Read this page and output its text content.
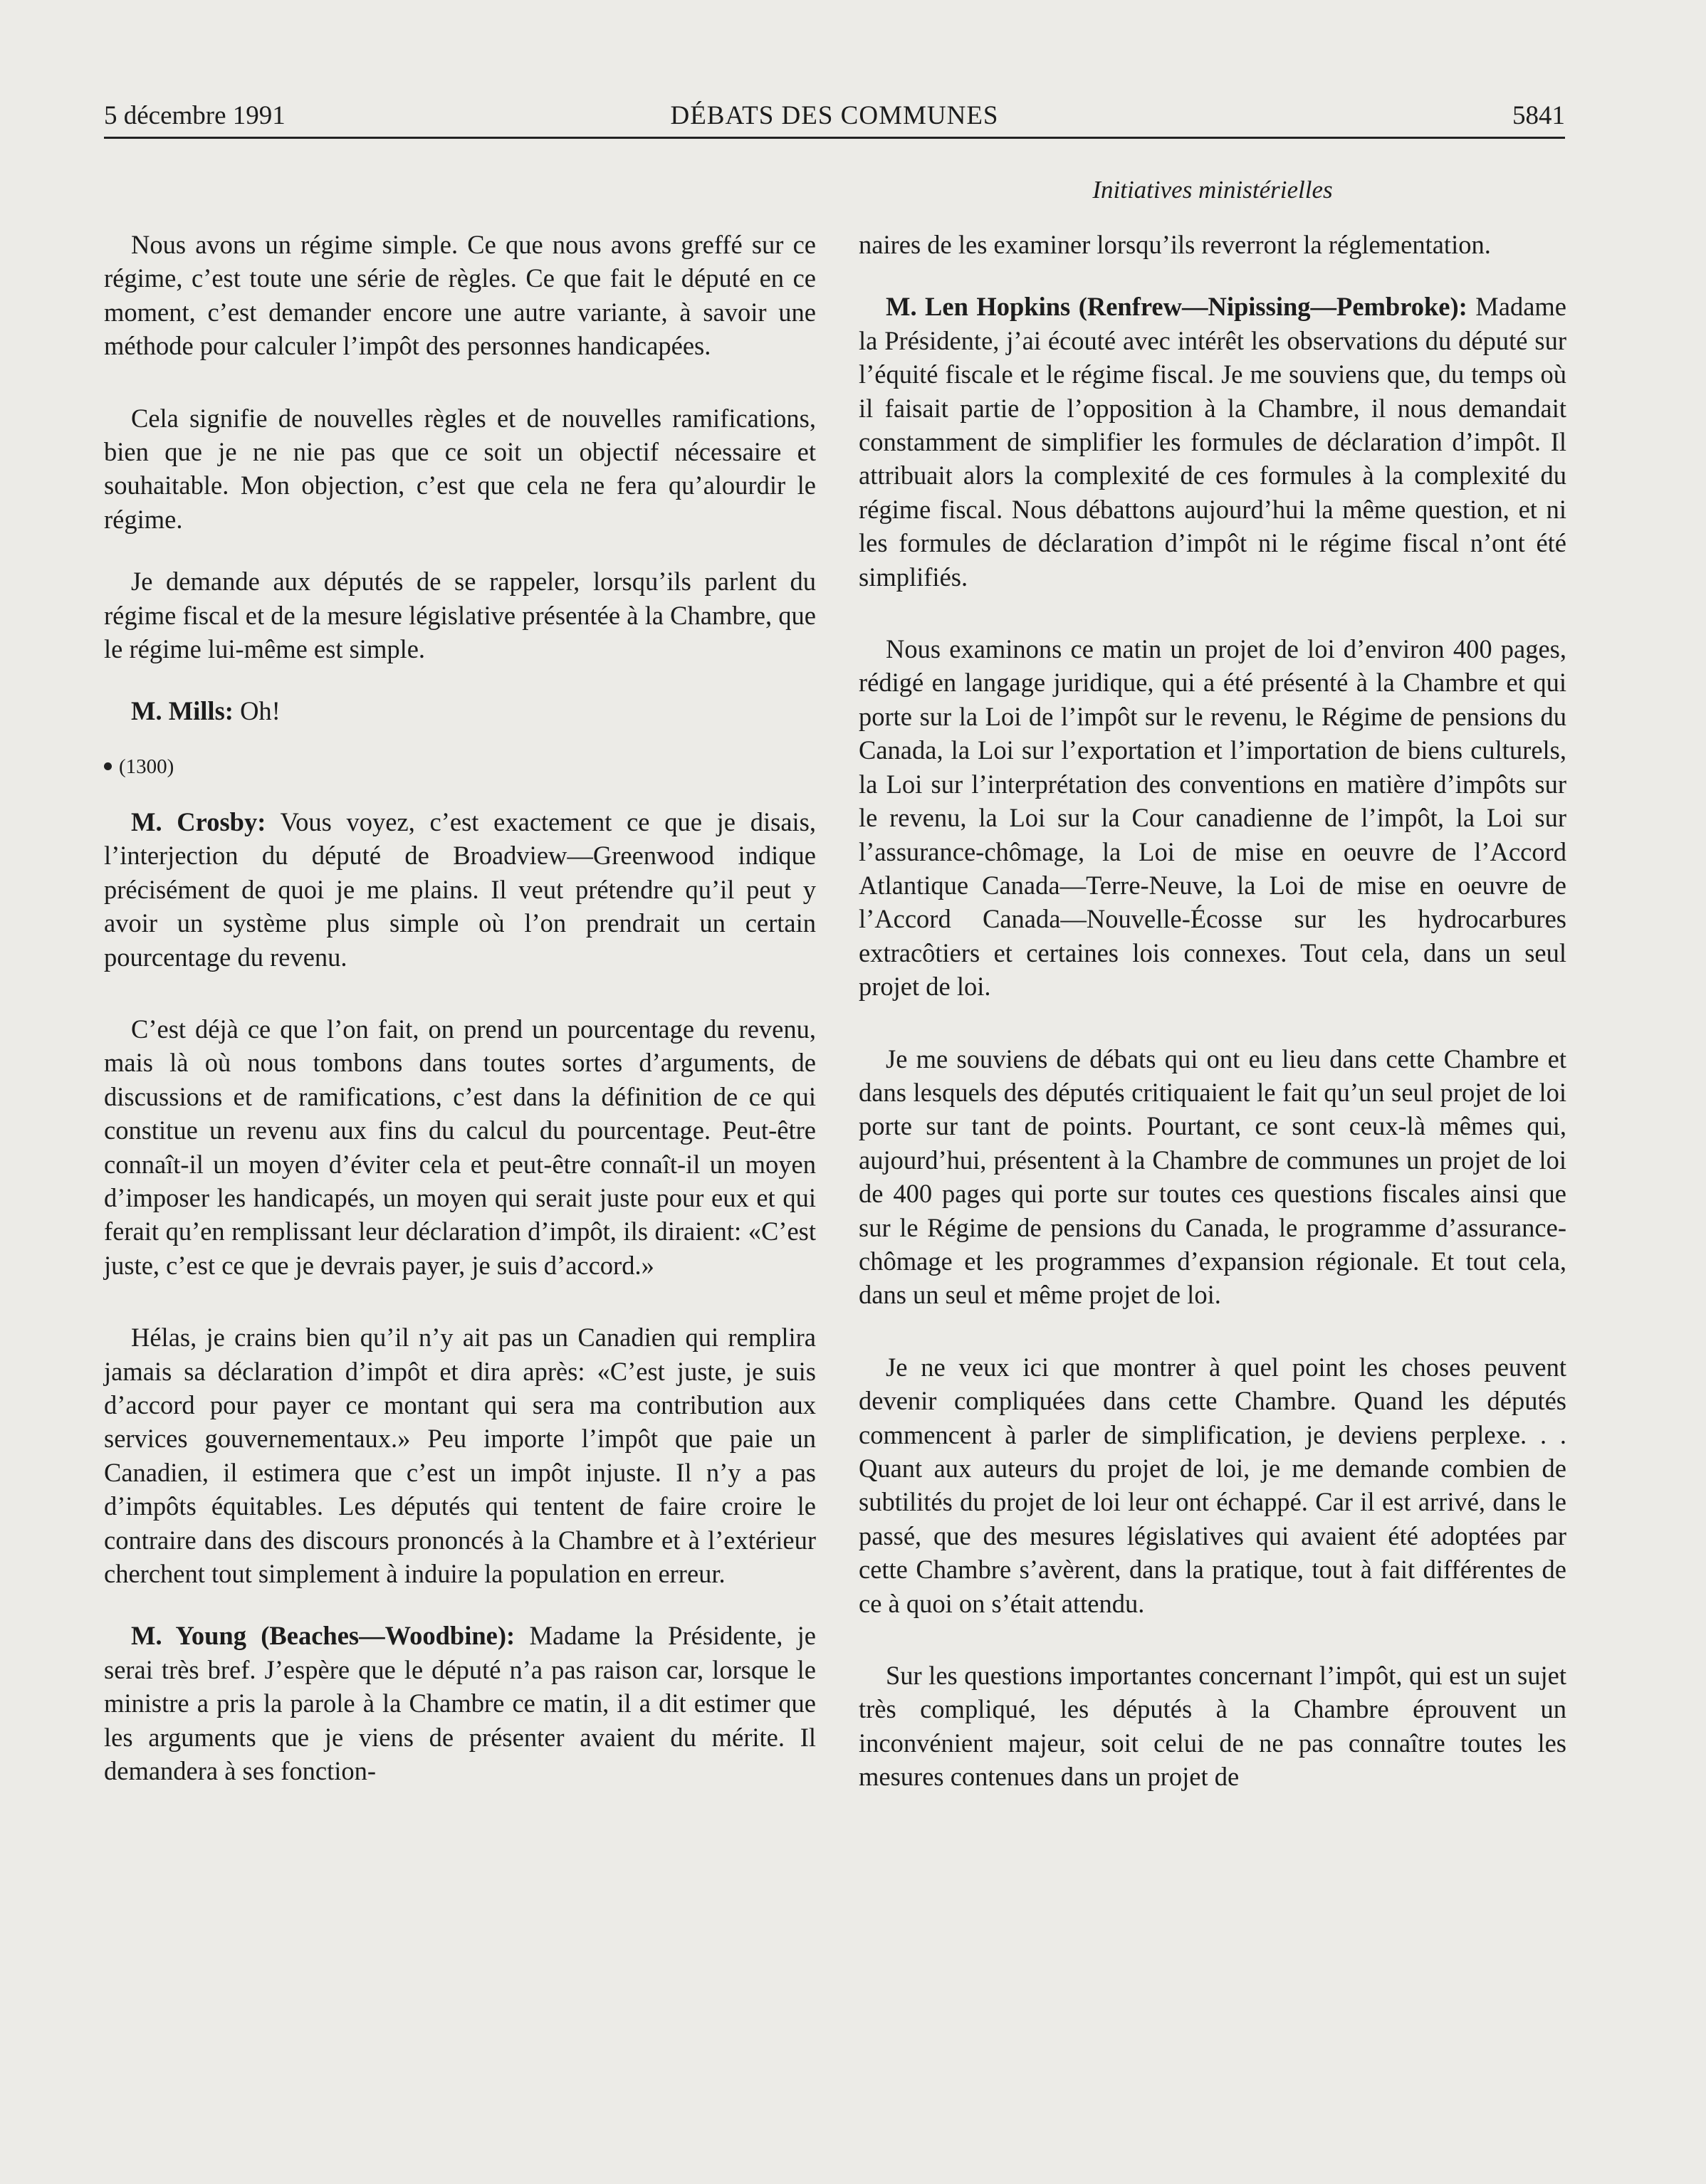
5 décembre 1991	DÉBATS DES COMMUNES	5841
Initiatives ministérielles

Nous avons un régime simple. Ce que nous avons greffé sur ce régime, c’est toute une série de règles. Ce que fait le député en ce moment, c’est demander encore une autre variante, à savoir une méthode pour calculer l’impôt des personnes handicapées.

Cela signifie de nouvelles règles et de nouvelles ramifications, bien que je ne nie pas que ce soit un objectif nécessaire et souhaitable. Mon objection, c’est que cela ne fera qu’alourdir le régime.

Je demande aux députés de se rappeler, lorsqu’ils parlent du régime fiscal et de la mesure législative présentée à la Chambre, que le régime lui-même est simple.

M. Mills: Oh!

(1300)

M. Crosby: Vous voyez, c’est exactement ce que je disais, l’interjection du député de Broadview—Greenwood indique précisément de quoi je me plains. Il veut prétendre qu’il peut y avoir un système plus simple où l’on prendrait un certain pourcentage du revenu.

C’est déjà ce que l’on fait, on prend un pourcentage du revenu, mais là où nous tombons dans toutes sortes d’arguments, de discussions et de ramifications, c’est dans la définition de ce qui constitue un revenu aux fins du calcul du pourcentage. Peut-être connaît-il un moyen d’éviter cela et peut-être connaît-il un moyen d’imposer les handicapés, un moyen qui serait juste pour eux et qui ferait qu’en remplissant leur déclaration d’impôt, ils diraient: «C’est juste, c’est ce que je devrais payer, je suis d’accord.»

Hélas, je crains bien qu’il n’y ait pas un Canadien qui remplira jamais sa déclaration d’impôt et dira après: «C’est juste, je suis d’accord pour payer ce montant qui sera ma contribution aux services gouvernementaux.» Peu importe l’impôt que paie un Canadien, il estimera que c’est un impôt injuste. Il n’y a pas d’impôts équitables. Les députés qui tentent de faire croire le contraire dans des discours prononcés à la Chambre et à l’extérieur cherchent tout simplement à induire la population en erreur.

M. Young (Beaches—Woodbine): Madame la Présidente, je serai très bref. J’espère que le député n’a pas raison car, lorsque le ministre a pris la parole à la Chambre ce matin, il a dit estimer que les arguments que je viens de présenter avaient du mérite. Il demandera à ses fonction-

naires de les examiner lorsqu’ils reverront la réglementation.

M. Len Hopkins (Renfrew—Nipissing—Pembroke): Madame la Présidente, j’ai écouté avec intérêt les observations du député sur l’équité fiscale et le régime fiscal. Je me souviens que, du temps où il faisait partie de l’opposition à la Chambre, il nous demandait constamment de simplifier les formules de déclaration d’impôt. Il attribuait alors la complexité de ces formules à la complexité du régime fiscal. Nous débattons aujourd’hui la même question, et ni les formules de déclaration d’impôt ni le régime fiscal n’ont été simplifiés.

Nous examinons ce matin un projet de loi d’environ 400 pages, rédigé en langage juridique, qui a été présenté à la Chambre et qui porte sur la Loi de l’impôt sur le revenu, le Régime de pensions du Canada, la Loi sur l’exportation et l’importation de biens culturels, la Loi sur l’interprétation des conventions en matière d’impôts sur le revenu, la Loi sur la Cour canadienne de l’impôt, la Loi sur l’assurance-chômage, la Loi de mise en oeuvre de l’Accord Atlantique Canada—Terre-Neuve, la Loi de mise en oeuvre de l’Accord Canada—Nouvelle-Écosse sur les hydrocarbures extracôtiers et certaines lois connexes. Tout cela, dans un seul projet de loi.

Je me souviens de débats qui ont eu lieu dans cette Chambre et dans lesquels des députés critiquaient le fait qu’un seul projet de loi porte sur tant de points. Pourtant, ce sont ceux-là mêmes qui, aujourd’hui, présentent à la Chambre de communes un projet de loi de 400 pages qui porte sur toutes ces questions fiscales ainsi que sur le Régime de pensions du Canada, le programme d’assurance-chômage et les programmes d’expansion régionale. Et tout cela, dans un seul et même projet de loi.

Je ne veux ici que montrer à quel point les choses peuvent devenir compliquées dans cette Chambre. Quand les députés commencent à parler de simplification, je deviens perplexe. . . Quant aux auteurs du projet de loi, je me demande combien de subtilités du projet de loi leur ont échappé. Car il est arrivé, dans le passé, que des mesures législatives qui avaient été adoptées par cette Chambre s’avèrent, dans la pratique, tout à fait différentes de ce à quoi on s’était attendu.

Sur les questions importantes concernant l’impôt, qui est un sujet très compliqué, les députés à la Chambre éprouvent un inconvénient majeur, soit celui de ne pas connaître toutes les mesures contenues dans un projet de
